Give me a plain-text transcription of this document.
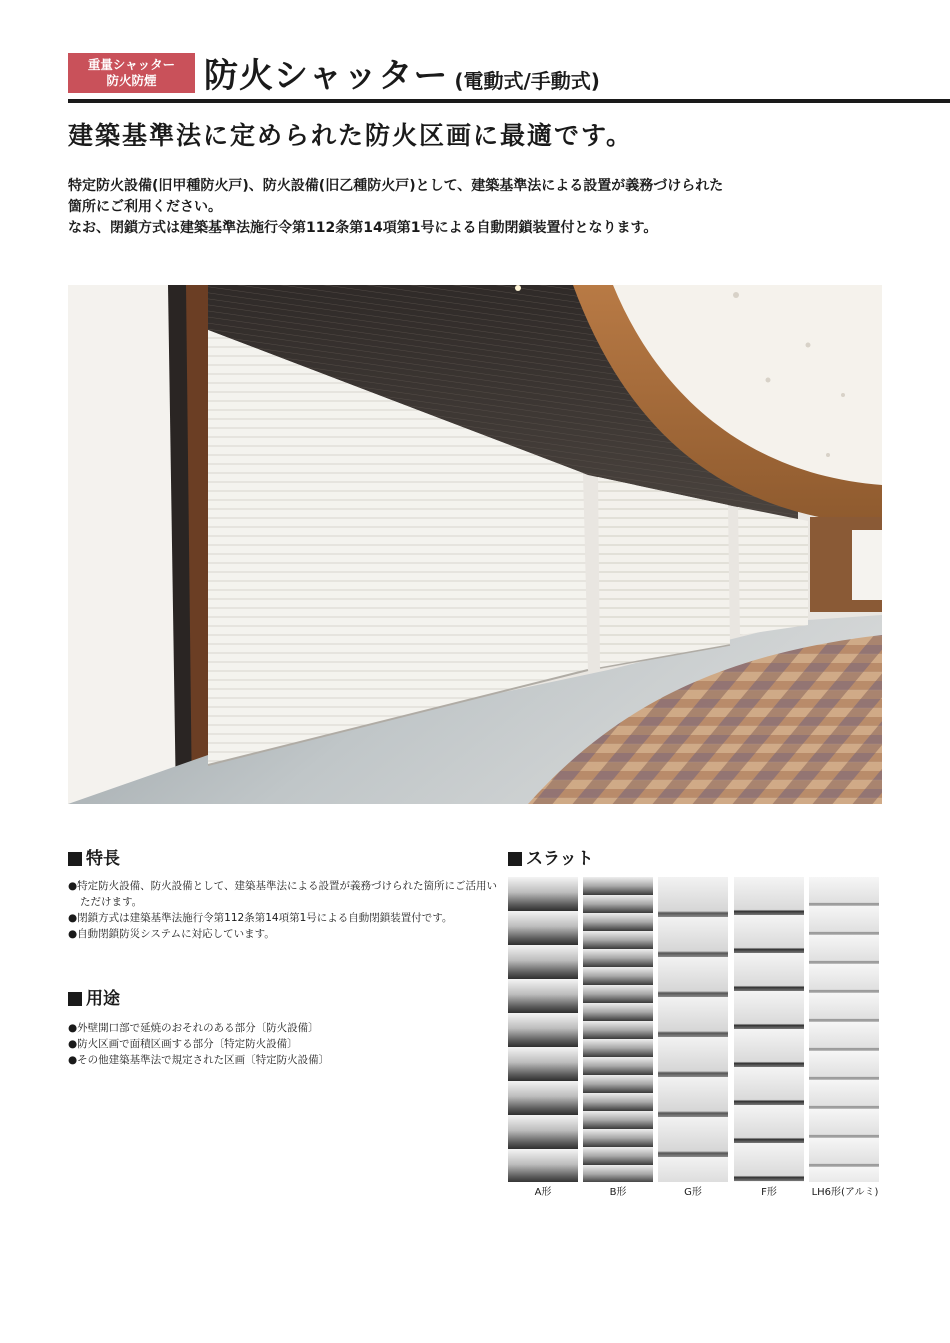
重量シャッター
防火防煙	防火シャッター (電動式/手動式)
建築基準法に定められた防火区画に最適です。

特定防火設備(旧甲種防火戸)、防火設備(旧乙種防火戸)として、建築基準法による設置が義務づけられた

箇所にご利用ください。

なお、閉鎖方式は建築基準法施行令第112条第14項第1号による自動閉鎖装置付となります。

特長
●特定防火設備、防火設備として、建築基準法による設置が義務づけられた箇所にご活用いただけます。
●閉鎖方式は建築基準法施行令第112条第14項第1号による自動閉鎖装置付です。
●自動閉鎖防災システムに対応しています。
用途
●外壁開口部で延焼のおそれのある部分〔防火設備〕
●防火区画で面積区画する部分〔特定防火設備〕
●その他建築基準法で規定された区画〔特定防火設備〕
スラット
A形	B形	G形	F形	LH6形(アルミ)
